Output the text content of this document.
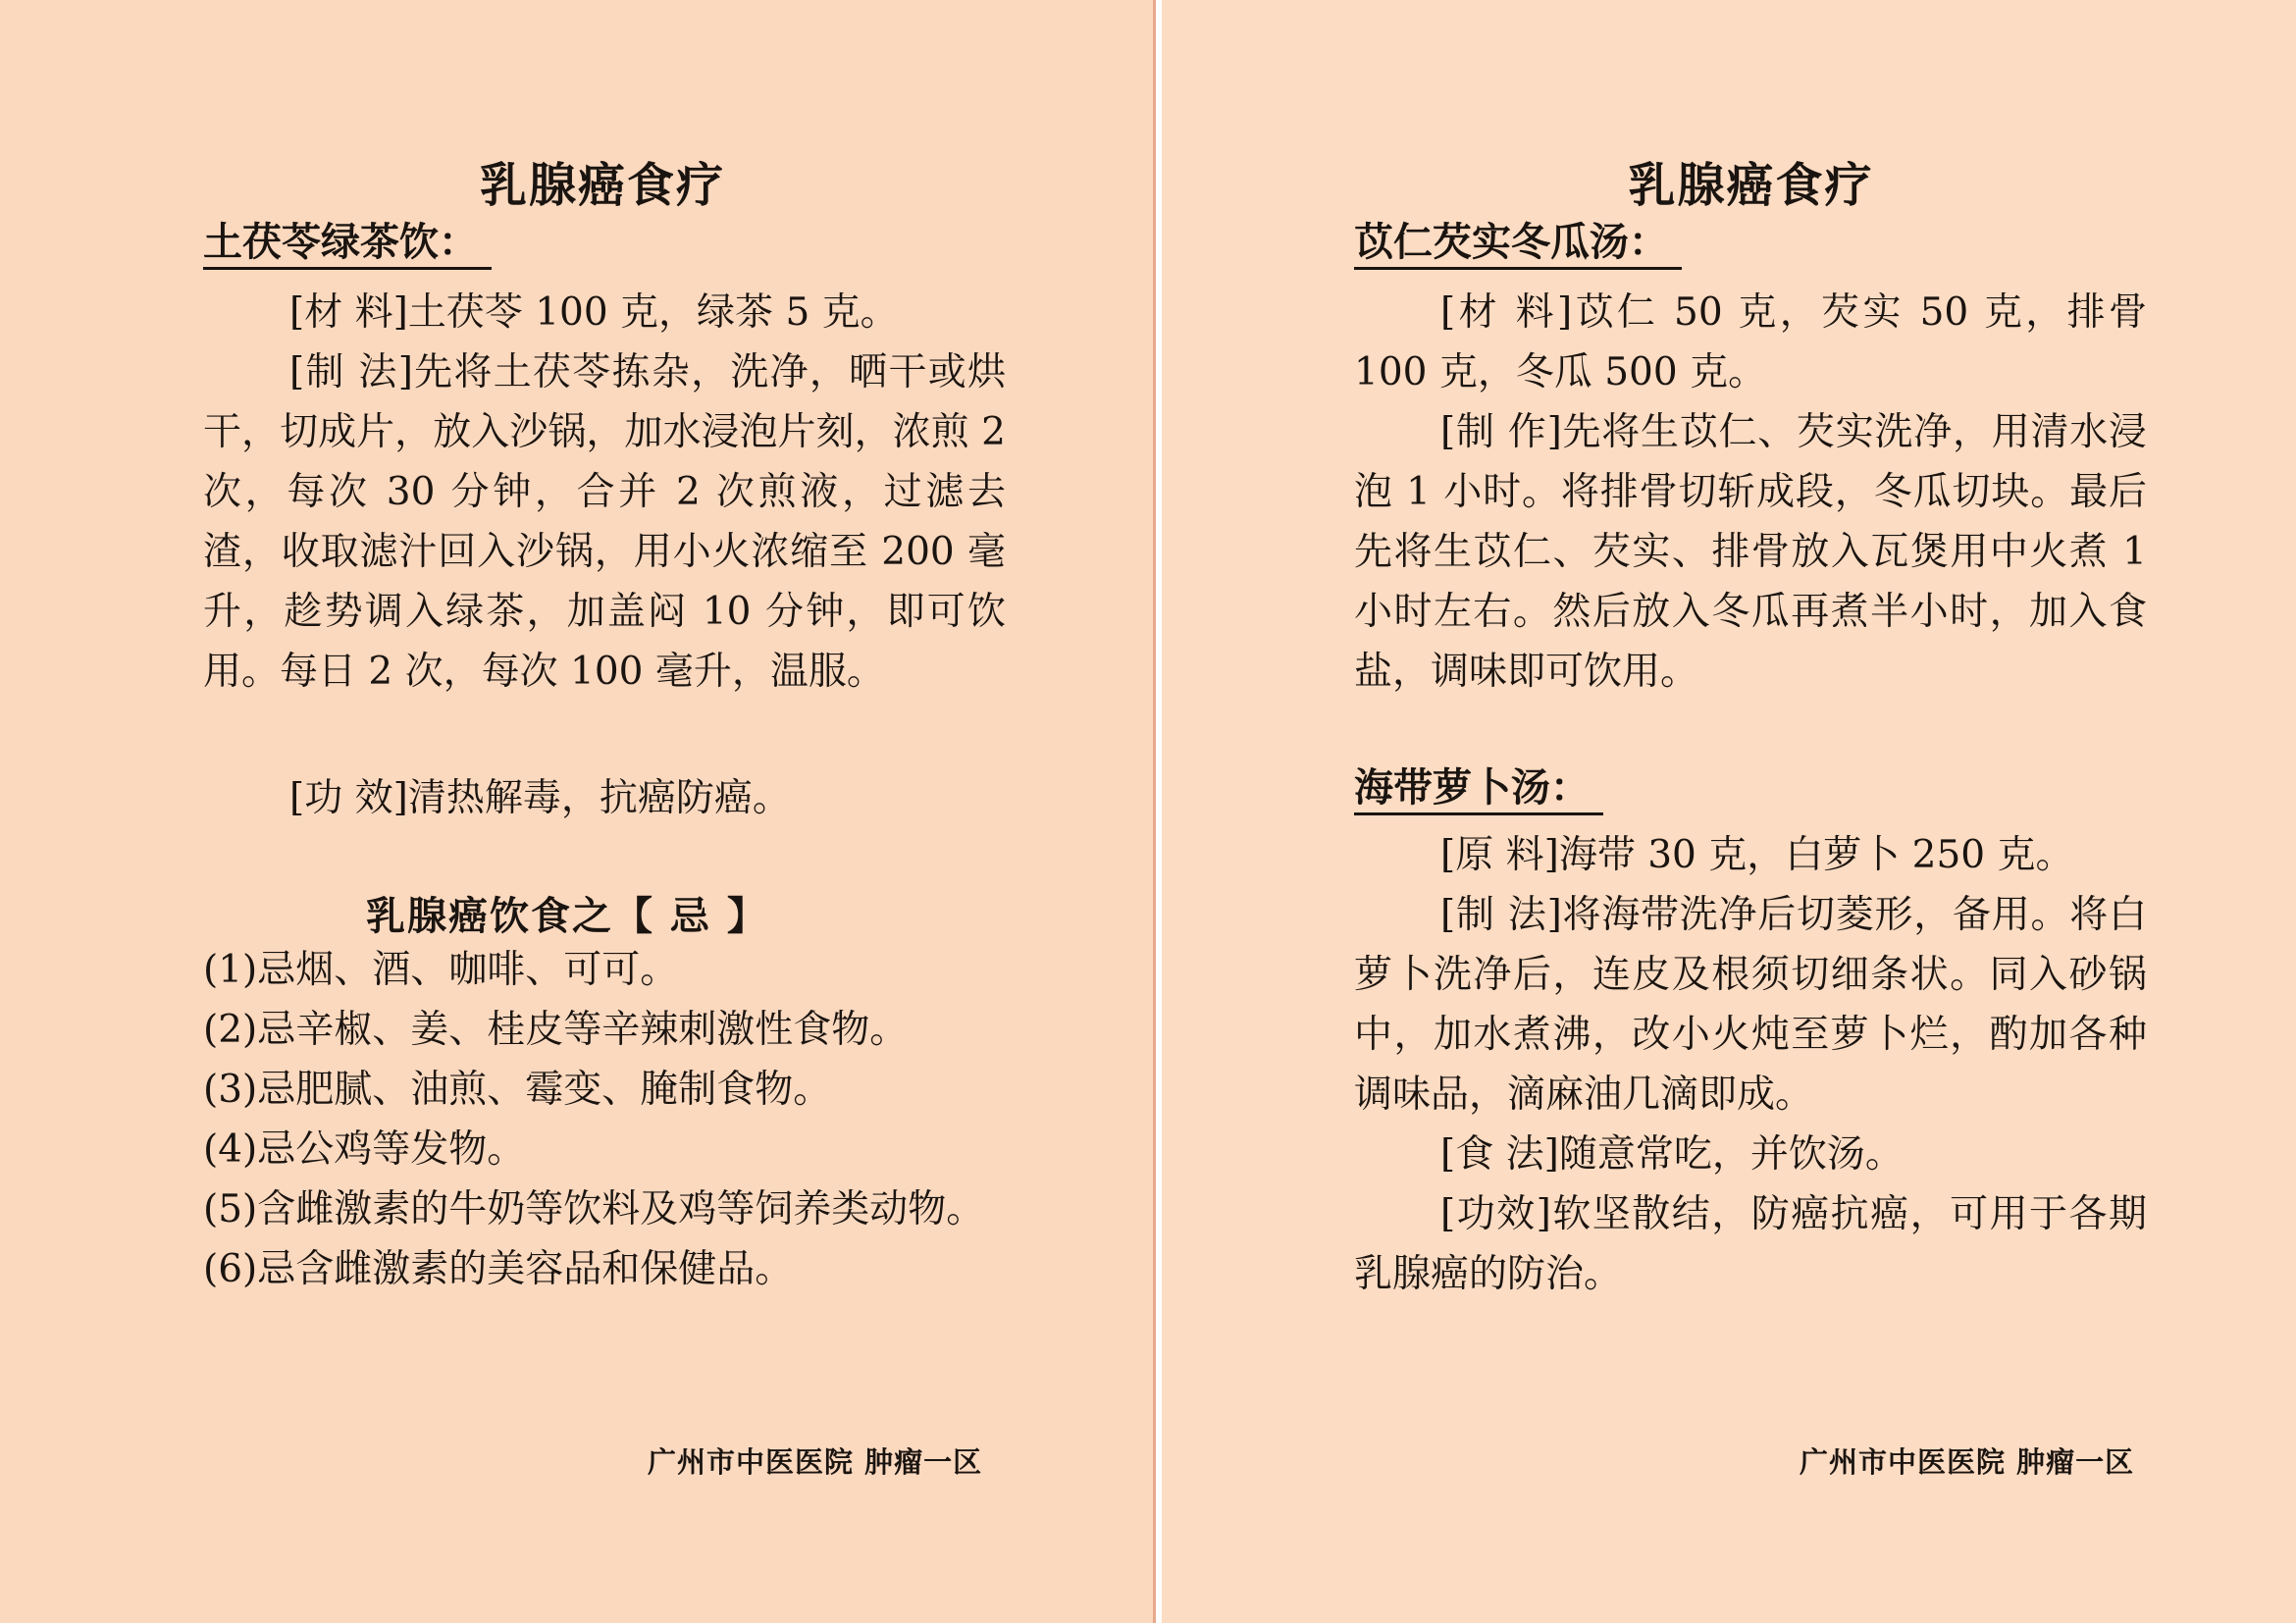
乳腺癌食疗
土茯苓绿茶饮：
[材 料]土茯苓 100 克，绿茶 5 克。
[制 法]先将土茯苓拣杂，洗净，晒干或烘干，切成片，放入沙锅，加水浸泡片刻，浓煎 2 次，每次 30 分钟，合并 2 次煎液，过滤去渣，收取滤汁回入沙锅，用小火浓缩至 200 毫升，趁势调入绿茶，加盖闷 10 分钟，即可饮用。每日 2 次，每次 100 毫升，温服。
[功 效]清热解毒，抗癌防癌。
乳腺癌饮食之【 忌 】
(1)忌烟、酒、咖啡、可可。
(2)忌辛椒、姜、桂皮等辛辣刺激性食物。
(3)忌肥腻、油煎、霉变、腌制食物。
(4)忌公鸡等发物。
(5)含雌激素的牛奶等饮料及鸡等饲养类动物。
(6)忌含雌激素的美容品和保健品。
广州市中医医院 肿瘤一区
乳腺癌食疗
苡仁芡实冬瓜汤：
[材 料]苡仁 50 克，芡实 50 克，排骨 100 克，冬瓜 500 克。
[制 作]先将生苡仁、芡实洗净，用清水浸泡 1 小时。将排骨切斩成段，冬瓜切块。最后先将生苡仁、芡实、排骨放入瓦煲用中火煮 1 小时左右。然后放入冬瓜再煮半小时，加入食盐，调味即可饮用。
海带萝卜汤：
[原 料]海带 30 克，白萝卜 250 克。
[制 法]将海带洗净后切菱形，备用。将白萝卜洗净后，连皮及根须切细条状。同入砂锅中，加水煮沸，改小火炖至萝卜烂，酌加各种调味品，滴麻油几滴即成。
[食 法]随意常吃，并饮汤。
[功效]软坚散结，防癌抗癌，可用于各期乳腺癌的防治。
广州市中医医院 肿瘤一区
